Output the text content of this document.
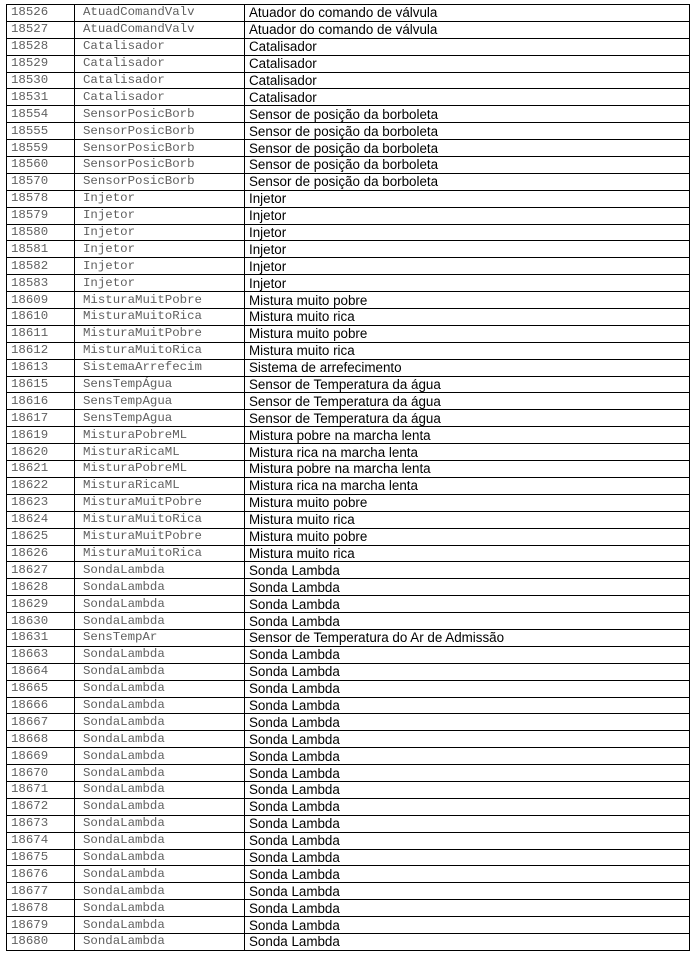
18526	AtuadComandValv	Atuador do comando de válvula
18527	AtuadComandValv	Atuador do comando de válvula
18528	Catalisador	Catalisador
18529	Catalisador	Catalisador
18530	Catalisador	Catalisador
18531	Catalisador	Catalisador
18554	SensorPosicBorb	Sensor de posição da borboleta
18555	SensorPosicBorb	Sensor de posição da borboleta
18559	SensorPosicBorb	Sensor de posição da borboleta
18560	SensorPosicBorb	Sensor de posição da borboleta
18570	SensorPosicBorb	Sensor de posição da borboleta
18578	Injetor	Injetor
18579	Injetor	Injetor
18580	Injetor	Injetor
18581	Injetor	Injetor
18582	Injetor	Injetor
18583	Injetor	Injetor
18609	MisturaMuitPobre	Mistura muito pobre
18610	MisturaMuitoRica	Mistura muito rica
18611	MisturaMuitPobre	Mistura muito pobre
18612	MisturaMuitoRica	Mistura muito rica
18613	SistemaArrefecim	Sistema de arrefecimento
18615	SensTempÁgua	Sensor de Temperatura da água
18616	SensTempAgua	Sensor de Temperatura da água
18617	SensTempAgua	Sensor de Temperatura da água
18619	MisturaPobreML	Mistura pobre na marcha lenta
18620	MisturaRicaML	Mistura rica na marcha lenta
18621	MisturaPobreML	Mistura pobre na marcha lenta
18622	MisturaRicaML	Mistura rica na marcha lenta
18623	MisturaMuitPobre	Mistura muito pobre
18624	MisturaMuitoRica	Mistura muito rica
18625	MisturaMuitPobre	Mistura muito pobre
18626	MisturaMuitoRica	Mistura muito rica
18627	SondaLambda	Sonda Lambda
18628	SondaLambda	Sonda Lambda
18629	SondaLambda	Sonda Lambda
18630	SondaLambda	Sonda Lambda
18631	SensTempAr	Sensor de Temperatura do Ar de Admissão
18663	SondaLambda	Sonda Lambda
18664	SondaLambda	Sonda Lambda
18665	SondaLambda	Sonda Lambda
18666	SondaLambda	Sonda Lambda
18667	SondaLambda	Sonda Lambda
18668	SondaLambda	Sonda Lambda
18669	SondaLambda	Sonda Lambda
18670	SondaLambda	Sonda Lambda
18671	SondaLambda	Sonda Lambda
18672	SondaLambda	Sonda Lambda
18673	SondaLambda	Sonda Lambda
18674	SondaLambda	Sonda Lambda
18675	SondaLambda	Sonda Lambda
18676	SondaLambda	Sonda Lambda
18677	SondaLambda	Sonda Lambda
18678	SondaLambda	Sonda Lambda
18679	SondaLambda	Sonda Lambda
18680	SondaLambda	Sonda Lambda
